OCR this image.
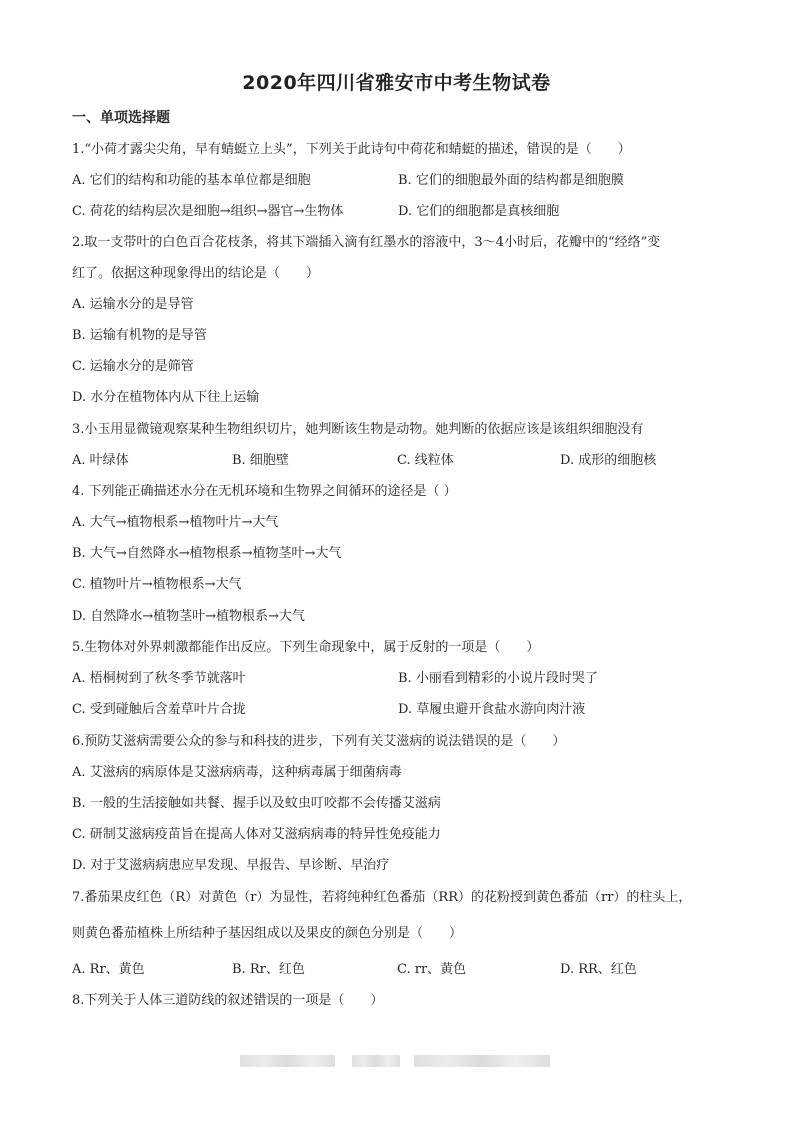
2020年四川省雅安市中考生物试卷
一、单项选择题
1.“小荷才露尖尖角，早有蜻蜓立上头”，下列关于此诗句中荷花和蜻蜓的描述，错误的是（　　）
A. 它们的结构和功能的基本单位都是细胞	B. 它们的细胞最外面的结构都是细胞膜
C. 荷花的结构层次是细胞→组织→器官→生物体	D. 它们的细胞都是真核细胞
2.取一支带叶的白色百合花枝条，将其下端插入滴有红墨水的溶液中，3～4小时后，花瓣中的“经络”变
红了。依据这种现象得出的结论是（　　）
A. 运输水分的是导管
B. 运输有机物的是导管
C. 运输水分的是筛管
D. 水分在植物体内从下往上运输
3.小玉用显微镜观察某种生物组织切片，她判断该生物是动物。她判断的依据应该是该组织细胞没有
A. 叶绿体	B. 细胞壁	C. 线粒体	D. 成形的细胞核
4. 下列能正确描述水分在无机环境和生物界之间循环的途径是（ ）
A. 大气→植物根系→植物叶片→大气
B. 大气→自然降水→植物根系→植物茎叶→大气
C. 植物叶片→植物根系→大气
D. 自然降水→植物茎叶→植物根系→大气
5.生物体对外界刺激都能作出反应。下列生命现象中，属于反射的一项是（　　）
A. 梧桐树到了秋冬季节就落叶	B. 小丽看到精彩的小说片段时哭了
C. 受到碰触后含羞草叶片合拢	D. 草履虫避开食盐水游向肉汁液
6.预防艾滋病需要公众的参与和科技的进步，下列有关艾滋病的说法错误的是（　　）
A. 艾滋病的病原体是艾滋病病毒，这种病毒属于细菌病毒
B. 一般的生活接触如共餐、握手以及蚊虫叮咬都不会传播艾滋病
C. 研制艾滋病疫苗旨在提高人体对艾滋病病毒的特异性免疫能力
D. 对于艾滋病病患应早发现、早报告、早诊断、早治疗
7.番茄果皮红色（R）对黄色（r）为显性，若将纯种红色番茄（RR）的花粉授到黄色番茄（rr）的柱头上，
则黄色番茄植株上所结种子基因组成以及果皮的颜色分别是（　　）
A. Rr、黄色	B. Rr、红色	C. rr、黄色	D. RR、红色
8.下列关于人体三道防线的叙述错误的一项是（　　）
